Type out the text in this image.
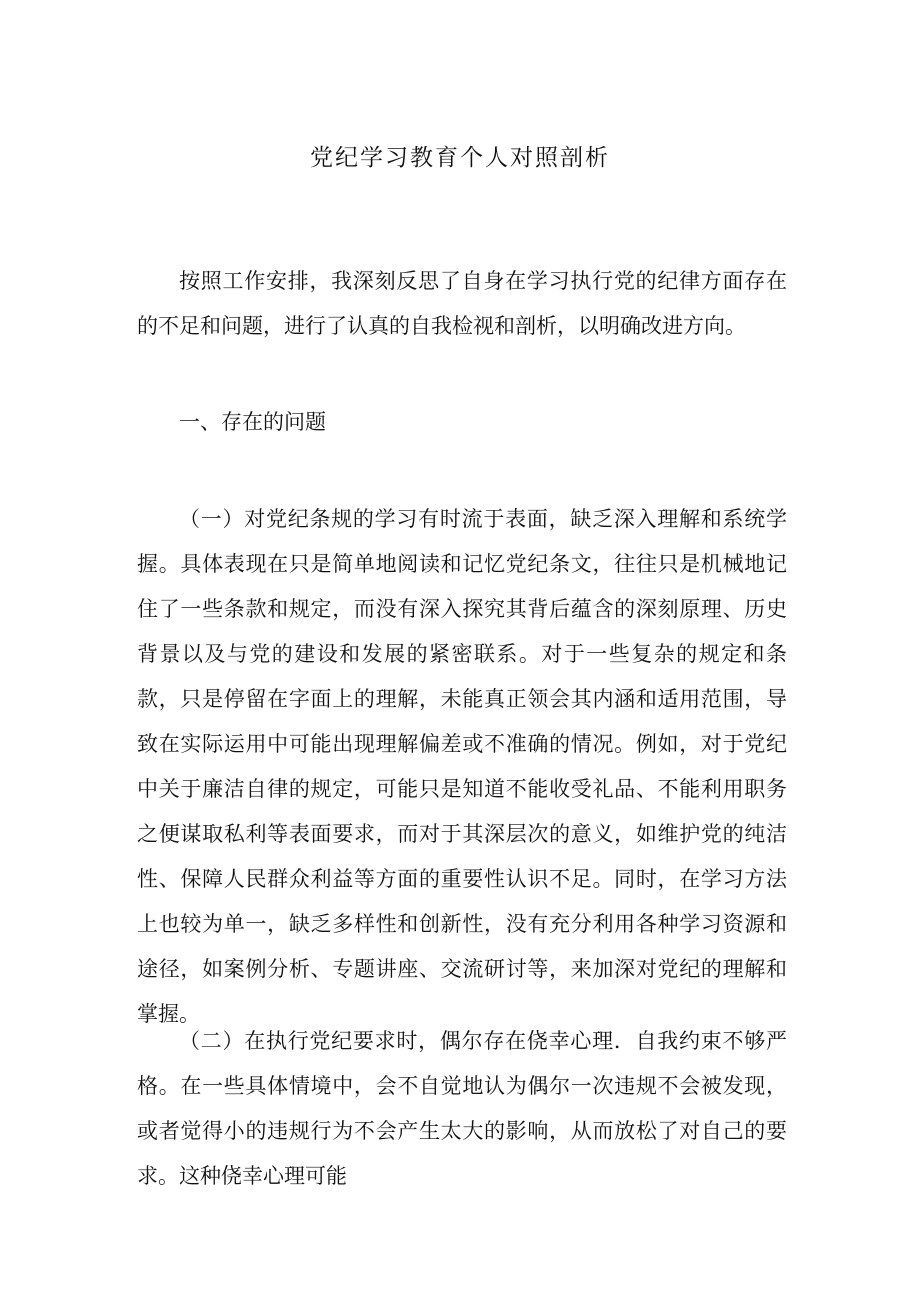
党纪学习教育个人对照剖析
按照工作安排，我深刻反思了自身在学习执行党的纪律方面存在的不足和问题，进行了认真的自我检视和剖析，以明确改进方向。
一、存在的问题
（一）对党纪条规的学习有时流于表面，缺乏深入理解和系统学握。具体表现在只是简单地阅读和记忆党纪条文，往往只是机械地记住了一些条款和规定，而没有深入探究其背后蕴含的深刻原理、历史背景以及与党的建设和发展的紧密联系。对于一些复杂的规定和条款，只是停留在字面上的理解，未能真正领会其内涵和适用范围，导致在实际运用中可能出现理解偏差或不准确的情况。例如，对于党纪中关于廉洁自律的规定，可能只是知道不能收受礼品、不能利用职务之便谋取私利等表面要求，而对于其深层次的意义，如维护党的纯洁性、保障人民群众利益等方面的重要性认识不足。同时，在学习方法上也较为单一，缺乏多样性和创新性，没有充分利用各种学习资源和途径，如案例分析、专题讲座、交流研讨等，来加深对党纪的理解和掌握。
（二）在执行党纪要求时，偶尔存在侥幸心理．自我约束不够严格。在一些具体情境中，会不自觉地认为偶尔一次违规不会被发现，或者觉得小的违规行为不会产生太大的影响，从而放松了对自己的要求。这种侥幸心理可能
